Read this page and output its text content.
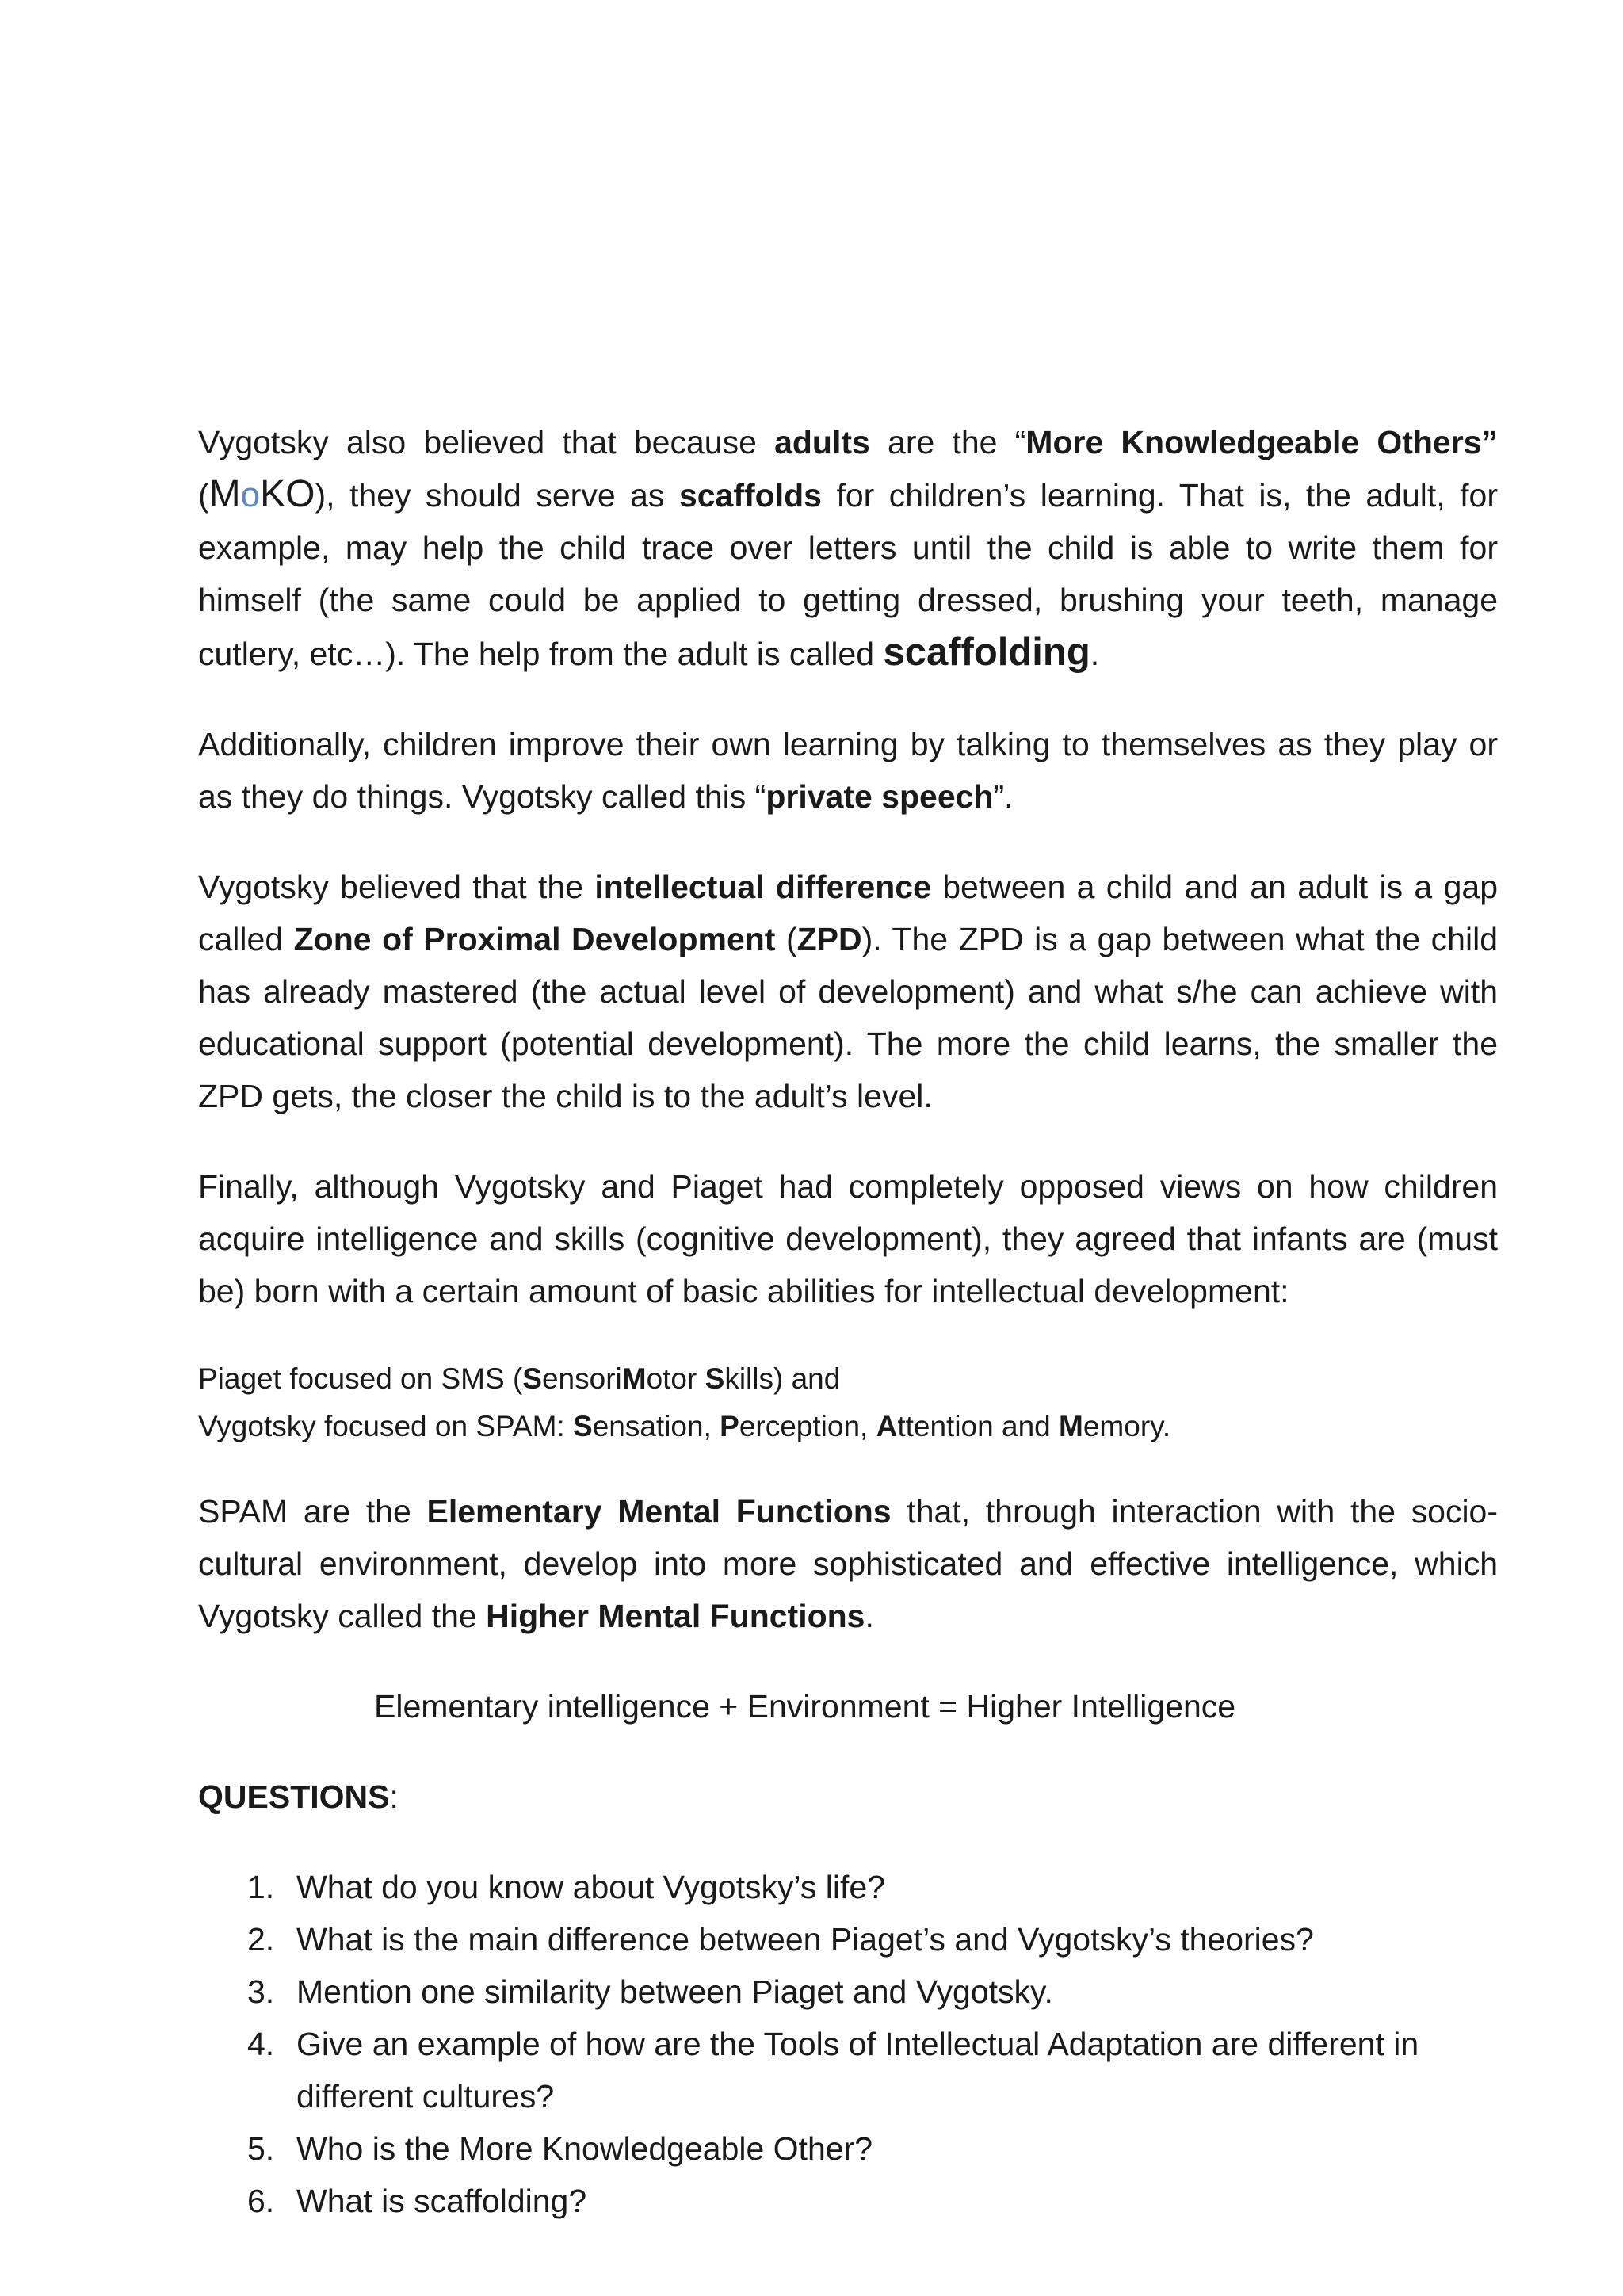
Vygotsky also believed that because adults are the “More Knowledgeable Others” (MoKO), they should serve as scaffolds for children’s learning. That is, the adult, for example, may help the child trace over letters until the child is able to write them for himself (the same could be applied to getting dressed, brushing your teeth, manage cutlery, etc…). The help from the adult is called scaffolding.

Additionally, children improve their own learning by talking to themselves as they play or as they do things. Vygotsky called this “private speech”.

Vygotsky believed that the intellectual difference between a child and an adult is a gap called Zone of Proximal Development (ZPD). The ZPD is a gap between what the child has already mastered (the actual level of development) and what s/he can achieve with educational support (potential development). The more the child learns, the smaller the ZPD gets, the closer the child is to the adult’s level.

Finally, although Vygotsky and Piaget had completely opposed views on how children acquire intelligence and skills (cognitive development), they agreed that infants are (must be) born with a certain amount of basic abilities for intellectual development:

Piaget focused on SMS (SensoriMotor Skills) and
Vygotsky focused on SPAM: Sensation, Perception, Attention and Memory.

SPAM are the Elementary Mental Functions that, through interaction with the socio-cultural environment, develop into more sophisticated and effective intelligence, which Vygotsky called the Higher Mental Functions.

Elementary intelligence + Environment = Higher Intelligence
QUESTIONS:
1. What do you know about Vygotsky’s life?
2. What is the main difference between Piaget’s and Vygotsky’s theories?
3. Mention one similarity between Piaget and Vygotsky.
4. Give an example of how are the Tools of Intellectual Adaptation are different in different cultures?
5. Who is the More Knowledgeable Other?
6. What is scaffolding?
